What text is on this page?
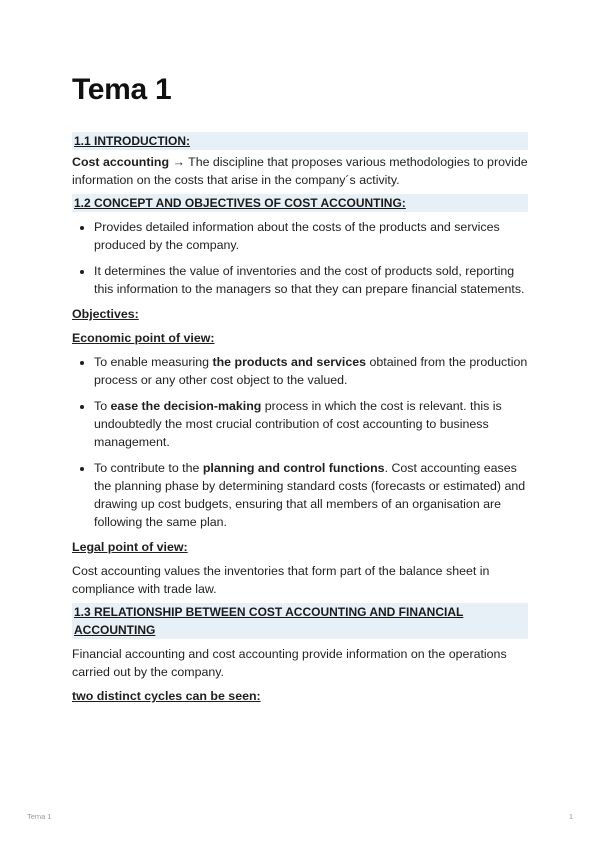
Tema 1
1.1 INTRODUCTION:

Cost accounting → The discipline that proposes various methodologies to provide information on the costs that arise in the company´s activity.

1.2 CONCEPT AND OBJECTIVES OF COST ACCOUNTING:
• Provides detailed information about the costs of the products and services produced by the company.
• It determines the value of inventories and the cost of products sold, reporting this information to the managers so that they can prepare financial statements.

Objectives:

Economic point of view:

• To enable measuring the products and services obtained from the production process or any other cost object to the valued.
• To ease the decision-making process in which the cost is relevant. this is undoubtedly the most crucial contribution of cost accounting to business management.
• To contribute to the planning and control functions. Cost accounting eases the planning phase by determining standard costs (forecasts or estimated) and drawing up cost budgets, ensuring that all members of an organisation are following the same plan.

Legal point of view:

Cost accounting values the inventories that form part of the balance sheet in compliance with trade law.

1.3 RELATIONSHIP BETWEEN COST ACCOUNTING AND FINANCIAL ACCOUNTING

Financial accounting and cost accounting provide information on the operations carried out by the company.

two distinct cycles can be seen:

Tema 1	1
